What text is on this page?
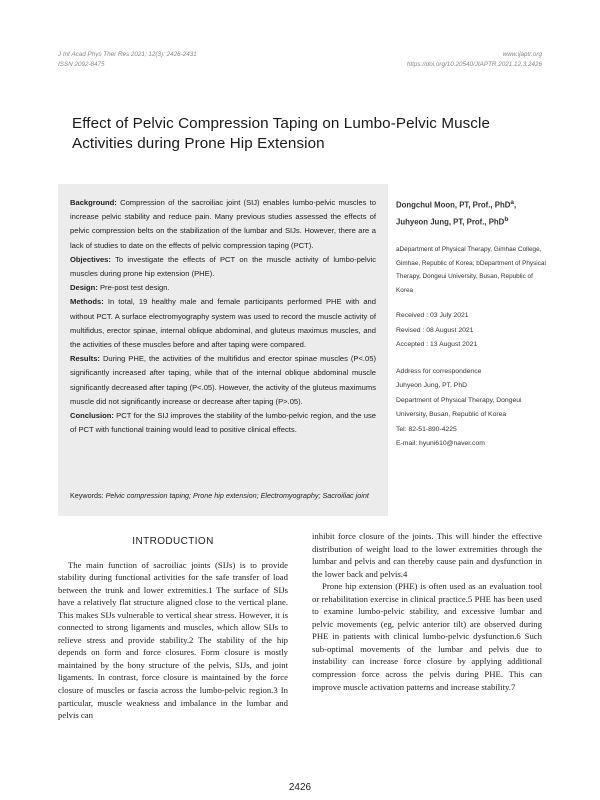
J Int Acad Phys Ther Res 2021; 12(3): 2426-2431
ISSN 2092-8475
www.ijaptr.org
https://doi.org/10.20540/JIAPTR.2021.12.3.2426
Effect of Pelvic Compression Taping on Lumbo-Pelvic Muscle Activities during Prone Hip Extension

Background: Compression of the sacroiliac joint (SIJ) enables lumbo-pelvic muscles to increase pelvic stability and reduce pain. Many previous studies assessed the effects of pelvic compression belts on the stabilization of the lumbar and SIJs. However, there are a lack of studies to date on the effects of pelvic compression taping (PCT).

Objectives: To investigate the effects of PCT on the muscle activity of lumbo-pelvic muscles during prone hip extension (PHE).

Design: Pre-post test design.

Methods: In total, 19 healthy male and female participants performed PHE with and without PCT. A surface electromyography system was used to record the muscle activity of multifidus, erector spinae, internal oblique abdominal, and gluteus maximus muscles, and the activities of these muscles before and after taping were compared.

Results: During PHE, the activities of the multifidus and erector spinae muscles (P<.05) significantly increased after taping, while that of the internal oblique abdominal muscle significantly decreased after taping (P<.05). However, the activity of the gluteus maximums muscle did not significantly increase or decrease after taping (P>.05).

Conclusion: PCT for the SIJ improves the stability of the lumbo-pelvic region, and the use of PCT with functional training would lead to positive clinical effects.

Keywords: Pelvic compression taping; Prone hip extension; Electromyography; Sacroiliac joint
Dongchul Moon, PT, Prof., PhD$^a$,
Juhyeon Jung, PT, Prof., PhD$^b$
aDepartment of Physical Therapy, Gimhae College, Gimhae, Republic of Korea; bDepartment of Physical Therapy, Dongeui University, Busan, Republic of Korea
Received : 03 July 2021
Revised : 08 August 2021
Accepted : 13 August 2021
Address for correspondence
Juhyeon Jung, PT, PhD
Department of Physical Therapy, Dongeui University, Busan, Republic of Korea
Tel: 82-51-890-4225
E-mail: hyuni610@naver.com
INTRODUCTION

The main function of sacroiliac joints (SIJs) is to provide stability during functional activities for the safe transfer of load between the trunk and lower extremities.1 The surface of SIJs have a relatively flat structure aligned close to the vertical plane. This makes SIJs vulnerable to vertical shear stress. However, it is connected to strong ligaments and muscles, which allow SIJs to relieve stress and provide stability.2 The stability of the hip depends on form and force closures. Form closure is mostly maintained by the bony structure of the pelvis, SIJs, and joint ligaments. In contrast, force closure is maintained by the force closure of muscles or fascia across the lumbo-pelvic region.3 In particular, muscle weakness and imbalance in the lumbar and pelvis can

inhibit force closure of the joints. This will hinder the effective distribution of weight load to the lower extremities through the lumbar and pelvis and can thereby cause pain and dysfunction in the lower back and pelvis.4

Prone hip extension (PHE) is often used as an evaluation tool or rehabilitation exercise in clinical practice.5 PHE has been used to examine lumbo-pelvic stability, and excessive lumbar and pelvic movements (eg, pelvic anterior tilt) are observed during PHE in patients with clinical lumbo-pelvic dysfunction.6 Such sub-optimal movements of the lumbar and pelvis due to instability can increase force closure by applying additional compression force across the pelvis during PHE. This can improve muscle activation patterns and increase stability.7

2426
